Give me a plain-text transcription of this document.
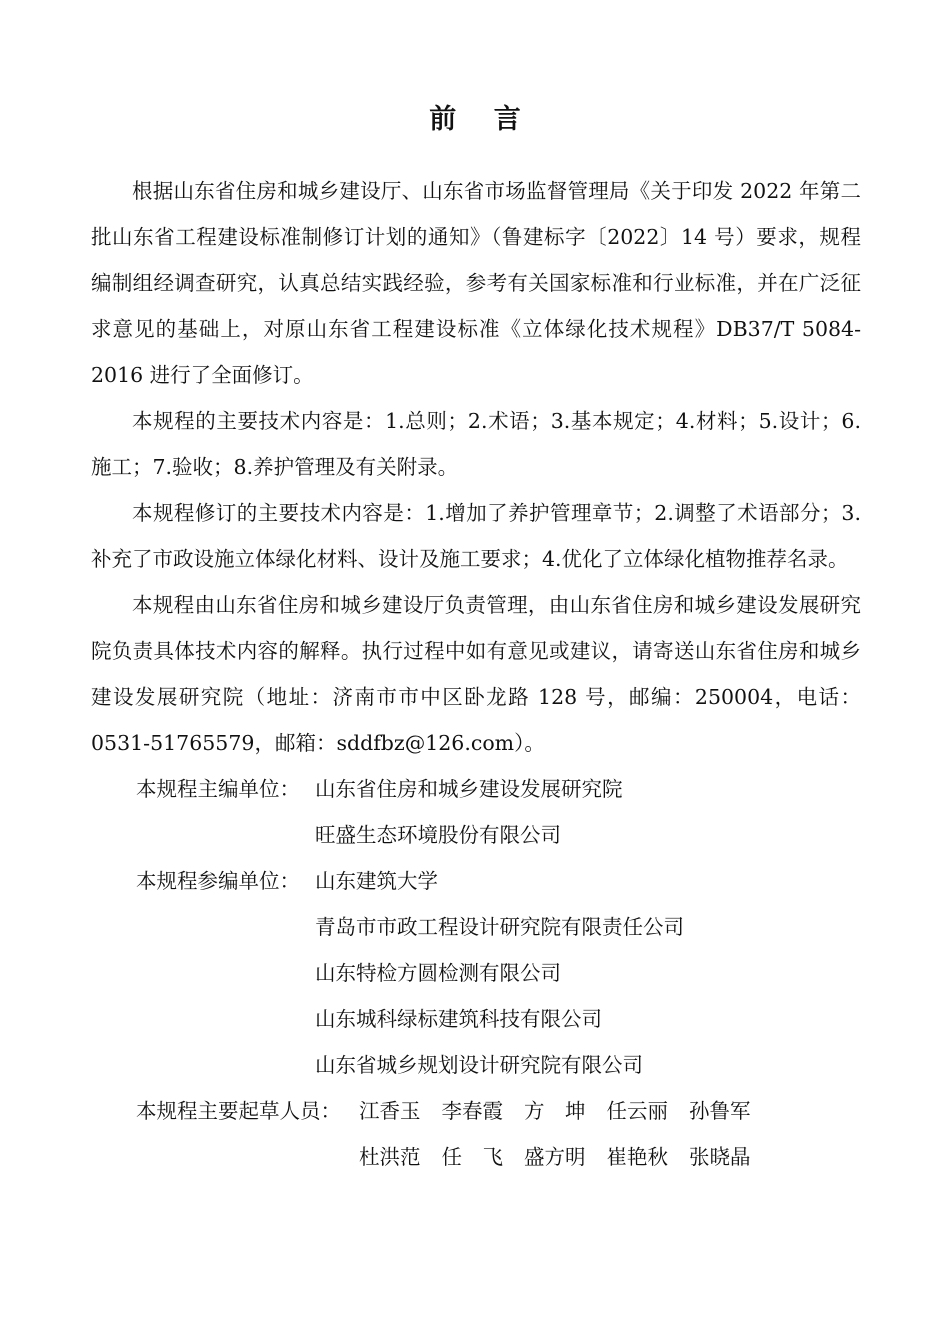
前 言

根据山东省住房和城乡建设厅、山东省市场监督管理局《关于印发 2022 年第二批山东省工程建设标准制修订计划的通知》（鲁建标字〔2022〕14 号）要求，规程编制组经调查研究，认真总结实践经验，参考有关国家标准和行业标准，并在广泛征求意见的基础上，对原山东省工程建设标准《立体绿化技术规程》DB37/T 5084-2016 进行了全面修订。

本规程的主要技术内容是：1.总则；2.术语；3.基本规定；4.材料；5.设计；6.施工；7.验收；8.养护管理及有关附录。

本规程修订的主要技术内容是：1.增加了养护管理章节；2.调整了术语部分；3.补充了市政设施立体绿化材料、设计及施工要求；4.优化了立体绿化植物推荐名录。

本规程由山东省住房和城乡建设厅负责管理，由山东省住房和城乡建设发展研究院负责具体技术内容的解释。执行过程中如有意见或建议，请寄送山东省住房和城乡建设发展研究院（地址：济南市市中区卧龙路 128 号，邮编：250004，电话：0531-51765579，邮箱：sddfbz@126.com）。

本规程主编单位： 山东省住房和城乡建设发展研究院
旺盛生态环境股份有限公司
本规程参编单位： 山东建筑大学
青岛市市政工程设计研究院有限责任公司
山东特检方圆检测有限公司
山东城科绿标建筑科技有限公司
山东省城乡规划设计研究院有限公司
本规程主要起草人员： 江香玉 李春霞 方　坤 任云丽 孙鲁军
杜洪范 任　飞 盛方明 崔艳秋 张晓晶
